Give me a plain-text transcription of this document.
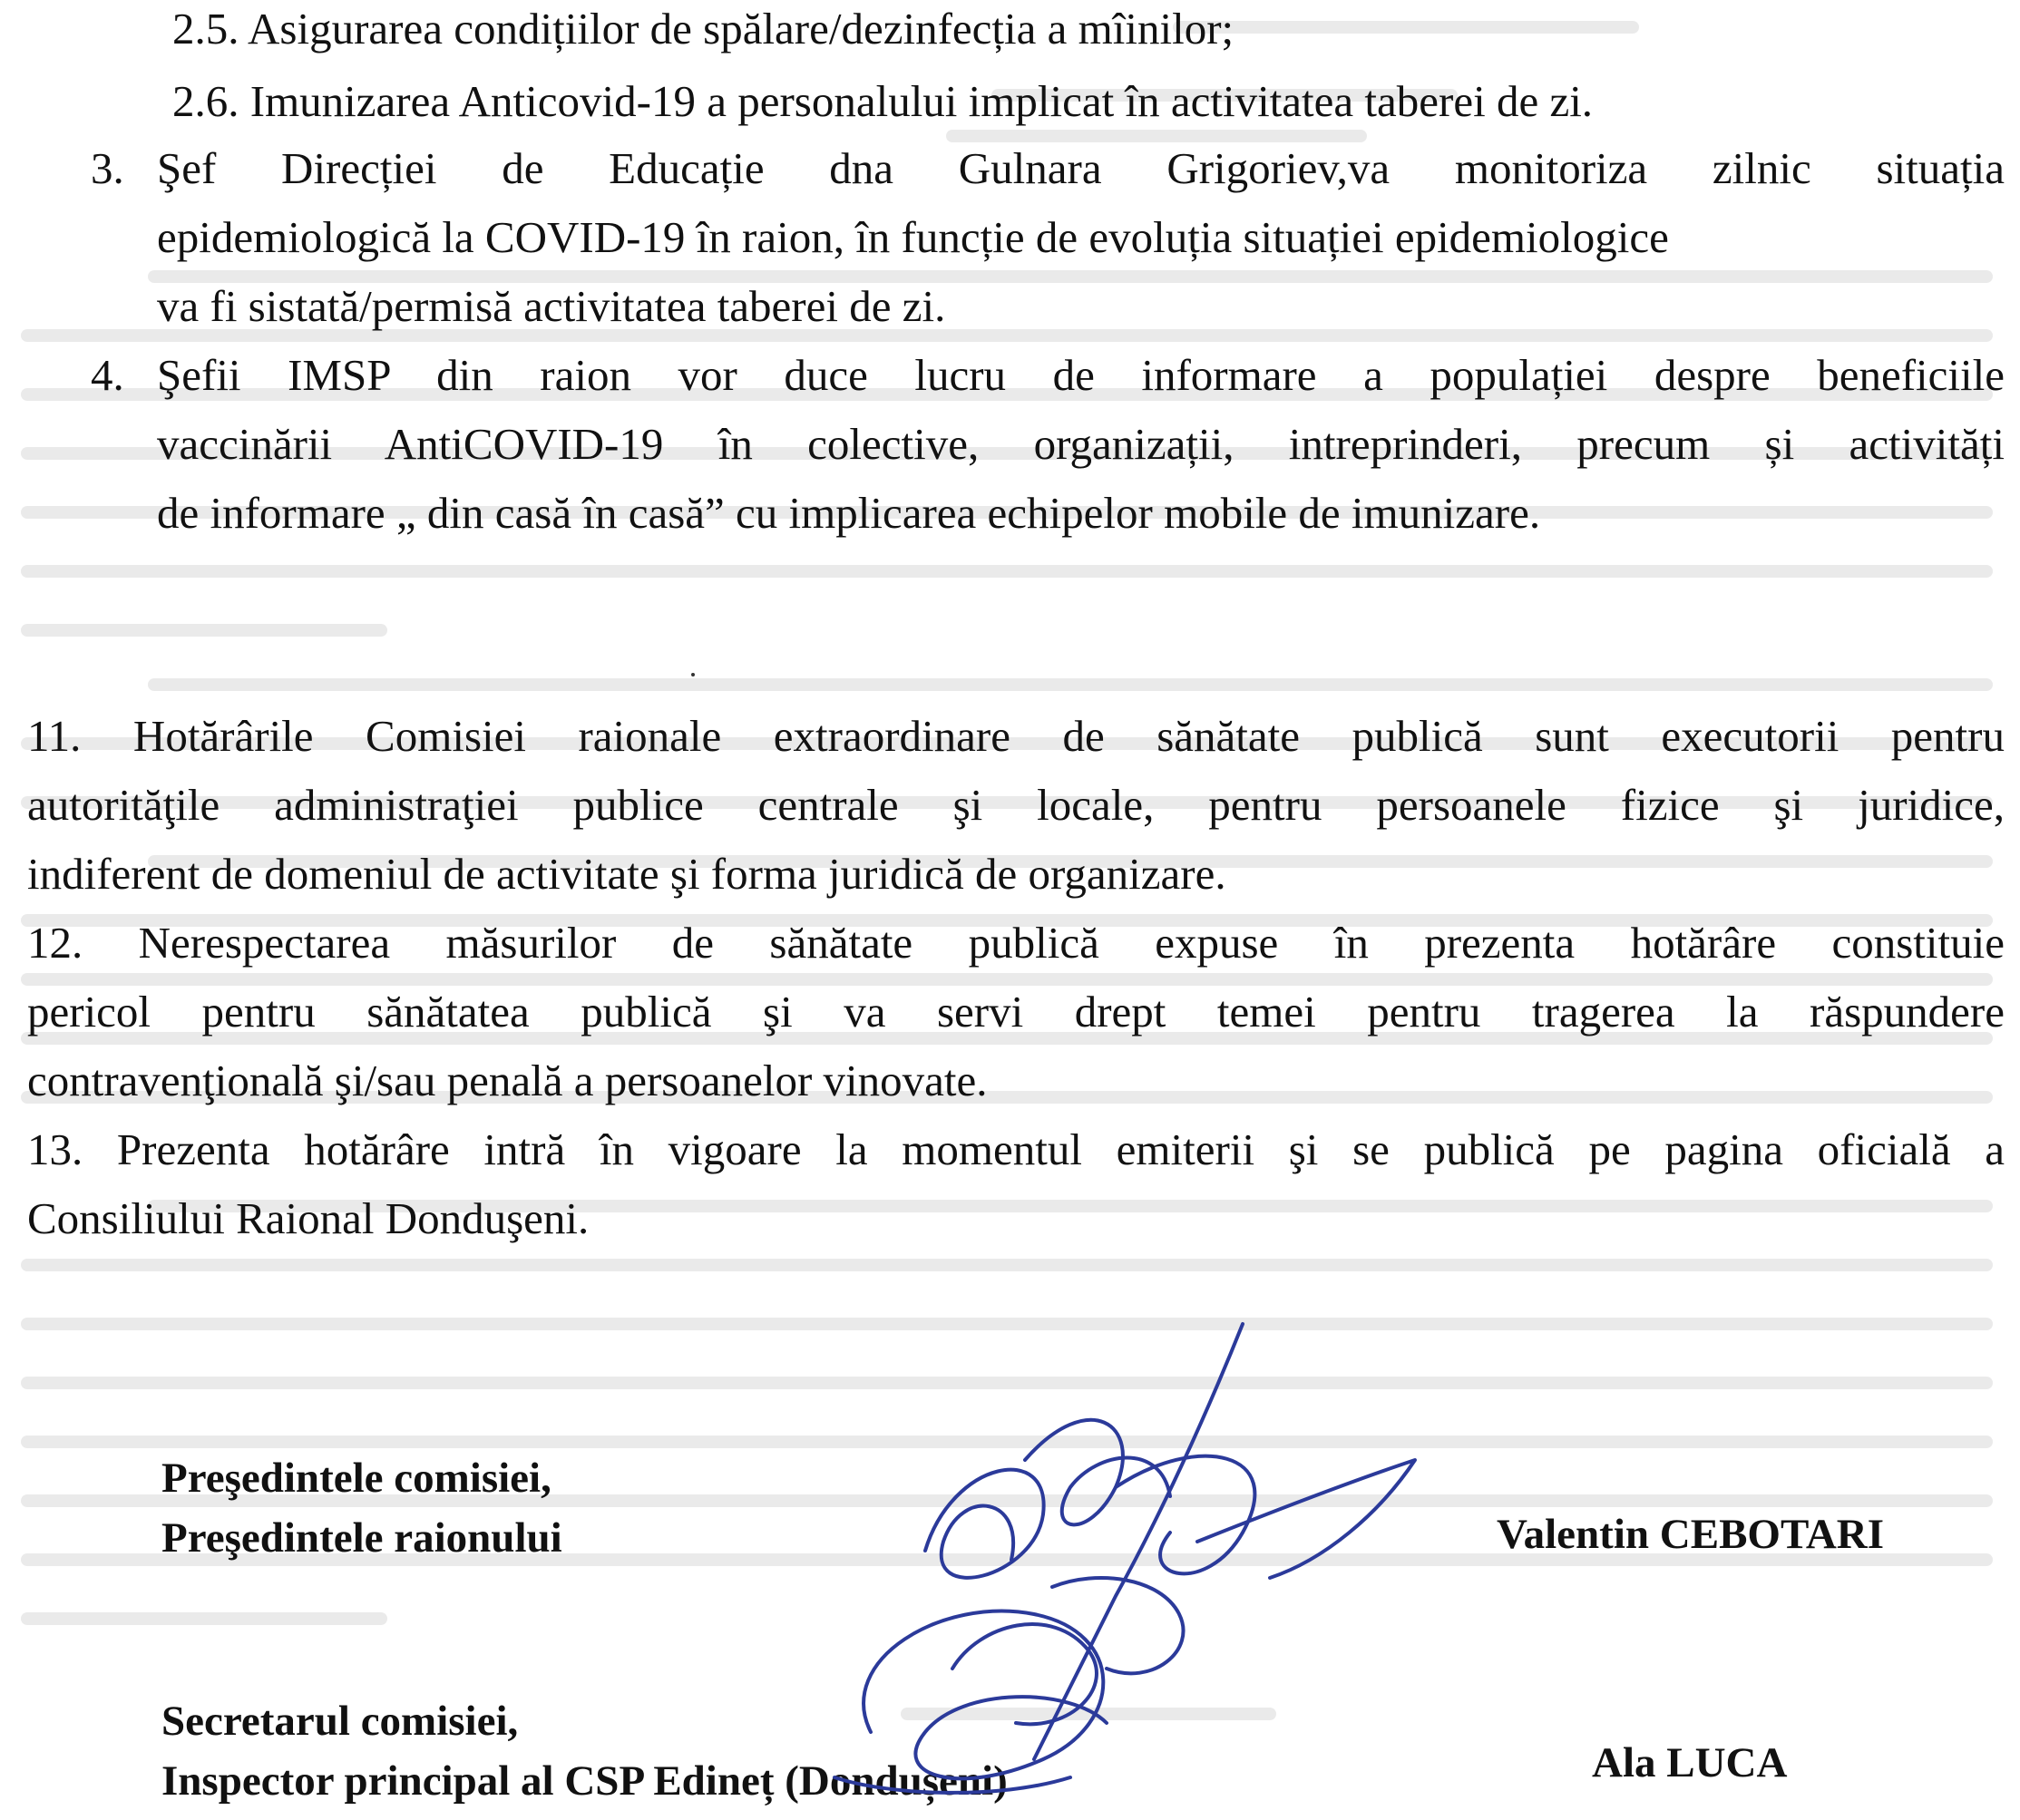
2.5. Asigurarea condițiilor de spălare/dezinfecția a mîinilor;
2.6. Imunizarea Anticovid-19 a personalului implicat în activitatea taberei de zi.
3. Şef Direcției de Educație dna Gulnara Grigoriev,va monitoriza zilnic situația
epidemiologică la COVID-19 în raion, în funcție de evoluția situației epidemiologice
va fi sistată/permisă activitatea taberei de zi.
4. Şefii IMSP din raion vor duce lucru de informare a populației despre beneficiile
vaccinării AntiCOVID-19 în colective, organizații, intreprinderi, precum și activități
de informare „ din casă în casă” cu implicarea echipelor mobile de imunizare.
11. Hotărârile Comisiei raionale extraordinare de sănătate publică sunt executorii pentru
autorităţile administraţiei publice centrale şi locale, pentru persoanele fizice şi juridice,
indiferent de domeniul de activitate şi forma juridică de organizare.
12. Nerespectarea măsurilor de sănătate publică expuse în prezenta hotărâre constituie
pericol pentru sănătatea publică şi va servi drept temei pentru tragerea la răspundere
contravenţională şi/sau penală a persoanelor vinovate.
13. Prezenta hotărâre intră în vigoare la momentul emiterii şi se publică pe pagina oficială a
Consiliului Raional Donduşeni.
Preşedintele comisiei,
Preşedintele raionului	Valentin CEBOTARI
Secretarul comisiei,
Inspector principal al CSP Edineț (Dondușeni)	Ala LUCA
